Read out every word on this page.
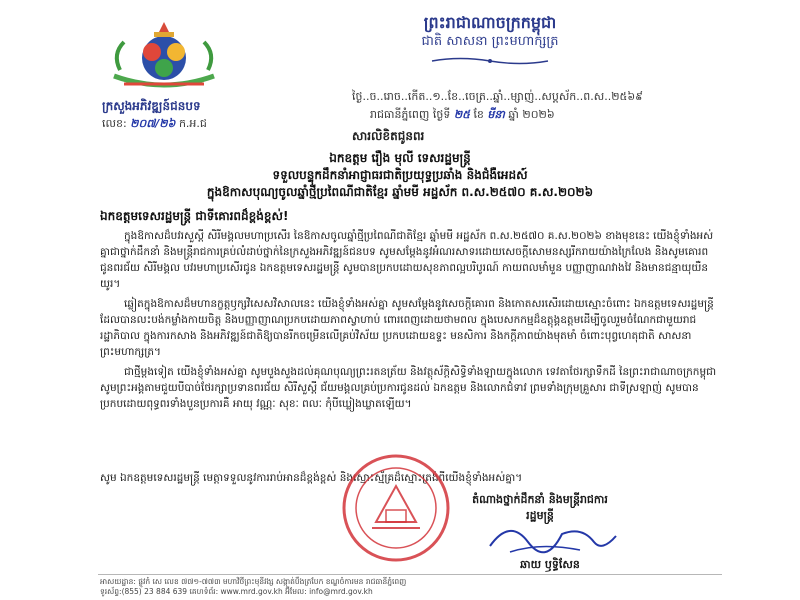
ក្រសួងអភិវឌ្ឍន៍ជនបទ
លេខ: ២០៧/២៦ ក.អ.ជ
ព្រះរាជាណាចក្រកម្ពុជា
ជាតិ សាសនា ព្រះមហាក្សត្រ
ថ្ងៃ..ច..រោច..កើត..១..ខែ..ចេត្រ..ឆ្នាំ..ម្សាញ់..សប្តស័ក..ព.ស..២៥៦៩
រាជធានីភ្នំពេញ ថ្ងៃទី ២៥ ខែ មីនា ឆ្នាំ ២០២៦
សារលិខិតជូនពរ
ឯកឧត្តម រឿង មុលី ទេសរដ្ឋមន្ត្រី
ទទួលបន្ទុកដឹកនាំអាជ្ញាធរជាតិប្រយុទ្ធប្រឆាំង និងជំងឺអេដស៍
ក្នុងឱកាសបុណ្យចូលឆ្នាំថ្មីប្រពៃណីជាតិខ្មែរ ឆ្នាំមមី អដ្ឋស័ក ព.ស.២៥៧០ គ.ស.២០២៦
ឯកឧត្តមទេសរដ្ឋមន្ត្រី ជាទីគោរពដ៏ខ្ពង់ខ្ពស់!

ក្នុងឱកាសដ៏បវរសួស្តី សិរីមង្គលមហាប្រសើរ នៃឱកាសចូលឆ្នាំថ្មីប្រពៃណីជាតិខ្មែរ ឆ្នាំមមី អដ្ឋស័ក ព.ស.២៥៧០ គ.ស.២០២៦ ខាងមុខនេះ យើងខ្ញុំទាំងអស់គ្នាជាថ្នាក់ដឹកនាំ និងមន្ត្រីរាជការគ្រប់លំដាប់ថ្នាក់នៃក្រសួងអភិវឌ្ឍន៍ជនបទ សូមសម្តែងនូវអំណរសាទរដោយសេចក្តីសោមនស្សរីករាយយ៉ាងក្រៃលែង និងសូមគោរពជូនពរជ័យ សិរីមង្គល បវរមហាប្រសើរជូន ឯកឧត្តមទេសរដ្ឋមន្ត្រី សូមបានប្រកបដោយសុខភាពល្អបរិបូរណ៍ កាយពលមាំមួន បញ្ញាញាណវាងវៃ និងមានជន្មាយុយឺនយូរ។

ឆ្លៀតក្នុងឱកាសដ៏មហានក្ខត្តឫក្សវិសេសវិសាលនេះ យើងខ្ញុំទាំងអស់គ្នា សូមសម្តែងនូវសេចក្តីគោរព និងកោតសរសើរដោយស្មោះចំពោះ ឯកឧត្តមទេសរដ្ឋមន្ត្រី ដែលបានលះបង់កម្លាំងកាយចិត្ត និងបញ្ញាញាណប្រកបដោយភាពស្វាហាប់ ពោរពេញដោយថាមពល ក្នុងបេសកកម្មដ៏ឧត្តុង្គឧត្តមដើម្បីចូលរួមចំណែកជាមួយរាជរដ្ឋាភិបាល ក្នុងការកសាង និងអភិវឌ្ឍន៍ជាតិឱ្យបានរីកចម្រើនលើគ្រប់វិស័យ ប្រកបដោយឧទ្ទះ មនសិការ និងកក្តីភាពយ៉ាងមុតមាំ ចំពោះបុព្វហេតុជាតិ សាសនា ព្រះមហាក្សត្រ។

ជាថ្មីម្តងទៀត យើងខ្ញុំទាំងអស់គ្នា សូមបួងសួងដល់គុណបុណ្យព្រះរតនត្រ័យ និងវត្ថុស័ក្តិសិទ្ធិទាំងឡាយក្នុងលោក ទេវតាថែរក្សាទឹកដី នៃព្រះរាជាណាចក្រកម្ពុជា សូមព្រះអង្គតាមជួយបីបាច់ថែរក្សាប្រទានពរជ័យ សិរីសួស្តី ជ័យមង្គលគ្រប់ប្រការជូនដល់ ឯកឧត្តម និងលោកជំទាវ ព្រមទាំងក្រុមគ្រួសារ ជាទីស្រឡាញ់ សូមបានប្រកបដោយពុទ្ធពរទាំងបួនប្រការគឺ អាយុ វណ្ណៈ សុខៈ ពលៈ កុំបីឃ្លៀងឃ្លាតឡើយ។

សូម ឯកឧត្តមទេសរដ្ឋមន្ត្រី មេត្តាទទួលនូវការរាប់អានដ៏ខ្ពង់ខ្ពស់ និងស្មោះស្ម័គ្រដ៏ស្មោះត្រង់ពីយើងខ្ញុំទាំងអស់គ្នា។
តំណាងថ្នាក់ដឹកនាំ និងមន្ត្រីរាជការ
រដ្ឋមន្ត្រី
ឆាយ ឫទ្ធិសែន
អាសយដ្ឋាន: ផ្លូវកំ សេ លេខ ៧៧១-៧៧៣ មហាវិថីព្រះមុនីវង្ស សង្កាត់បឹងត្របែក ខណ្ឌចំការមន រាជធានីភ្នំពេញ
ទូរស័ព្ទ:(855) 23 884 639 គេហទំព័រ: www.mrd.gov.kh អ៊ីមែល: info@mrd.gov.kh
